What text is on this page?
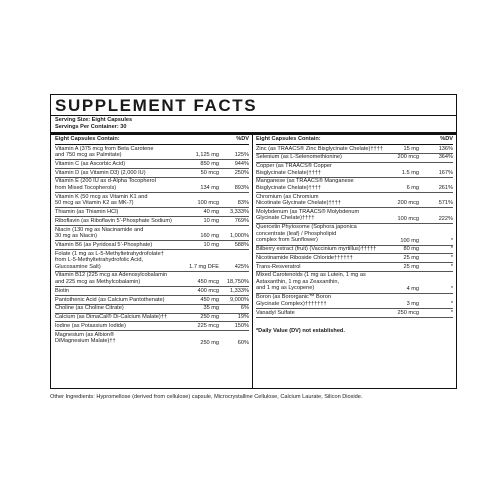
SUPPLEMENT FACTS
Serving Size: Eight Capsules
Servings Per Container: 30
Eight Capsules Contain:	%DV
Vitamin A (375 mcg from Beta Carotene
and 750 mcg as Palmitate)	1,125 mg	125%
Vitamin C (as Ascorbic Acid)	850 mg	944%
Vitamin D (as Vitamin D3) (2,000 IU)	50 mcg	250%
Vitamin E (200 IU as d-Alpha Tocopherol
from Mixed Tocopherols)	134 mg	893%
Vitamin K (50 mcg as Vitamin K1 and
50 mcg as Vitamin K2 as MK-7)	100 mcg	83%
Thiamin (as Thiamin HCl)	40 mg 3,333%
Riboflavin (as Riboflavin 5’-Phosphate Sodium)	10 mg	769%
Niacin (130 mg as Niacinamide and
30 mg as Niacin)	160 mg 1,000%
Vitamin B6 (as Pyridoxal 5’-Phosphate)	10 mg	588%
Folate (1 mg as L-5-Methyltetrahydrofolate†
from L-5-Methyltetrahydrofolic Acid,
Glucosamine Salt)	1.7 mg DFE	425%
Vitamin B12 (225 mcg as Adenosylcobalamin
and 225 mcg as Methylcobalamin)	450 mcg 18,750%
Biotin	400 mcg 1,333%
Pantothenic Acid (as Calcium Pantothenate)	450 mg 9,000%
Choline (as Choline Citrate)	35 mg	6%
Calcium (as DimaCal® Di-Calcium Malate)††	250 mg	19%
Iodine (as Potassium Iodide)	225 mcg	150%
Magnesium (as Albion®
DiMagnesium Malate)††	250 mg	60%
Eight Capsules Contain:	%DV
Zinc (as TRAACS® Zinc Bisglycinate Chelate)††††	15 mg	136%
Selenium (as L-Selenomethionine)	200 mcg	364%
Copper (as TRAACS® Copper
Bisglycinate Chelate)††††	1.5 mg	167%
Manganese (as TRAACS® Manganese
Bisglycinate Chelate)††††	6 mg	261%
Chromium (as Chromium
Nicotinate Glycinate Chelate)††††	200 mcg	571%
Molybdenum (as TRAACS® Molybdenum
Glycinate Chelate)††††	100 mcg	222%
Quercetin Phytosome (Sophora japonica
concentrate (leaf) / Phospholipid
complex from Sunflower)	100 mg	*
Bilberry extract (fruit) (Vaccinium myrtillus)†††††	80 mg	*
Nicotinamide Riboside Chloride††††††	25 mg	*
Trans-Resveratrol	25 mg	*
Mixed Carotenoids (1 mg as Lutein, 1 mg as
Astaxanthin, 1 mg as Zeaxanthin,
and 1 mg as Lycopene)	4 mg	*
Boron (as Bororganic™ Boron
Glycinate Complex)†††††††	3 mg	*
Vanadyl Sulfate	250 mcg	*
*Daily Value (DV) not established.
Other Ingredients: Hypromellose (derived from cellulose) capsule, Microcrystalline Cellulose, Calcium Laurate, Silicon Dioxide.
